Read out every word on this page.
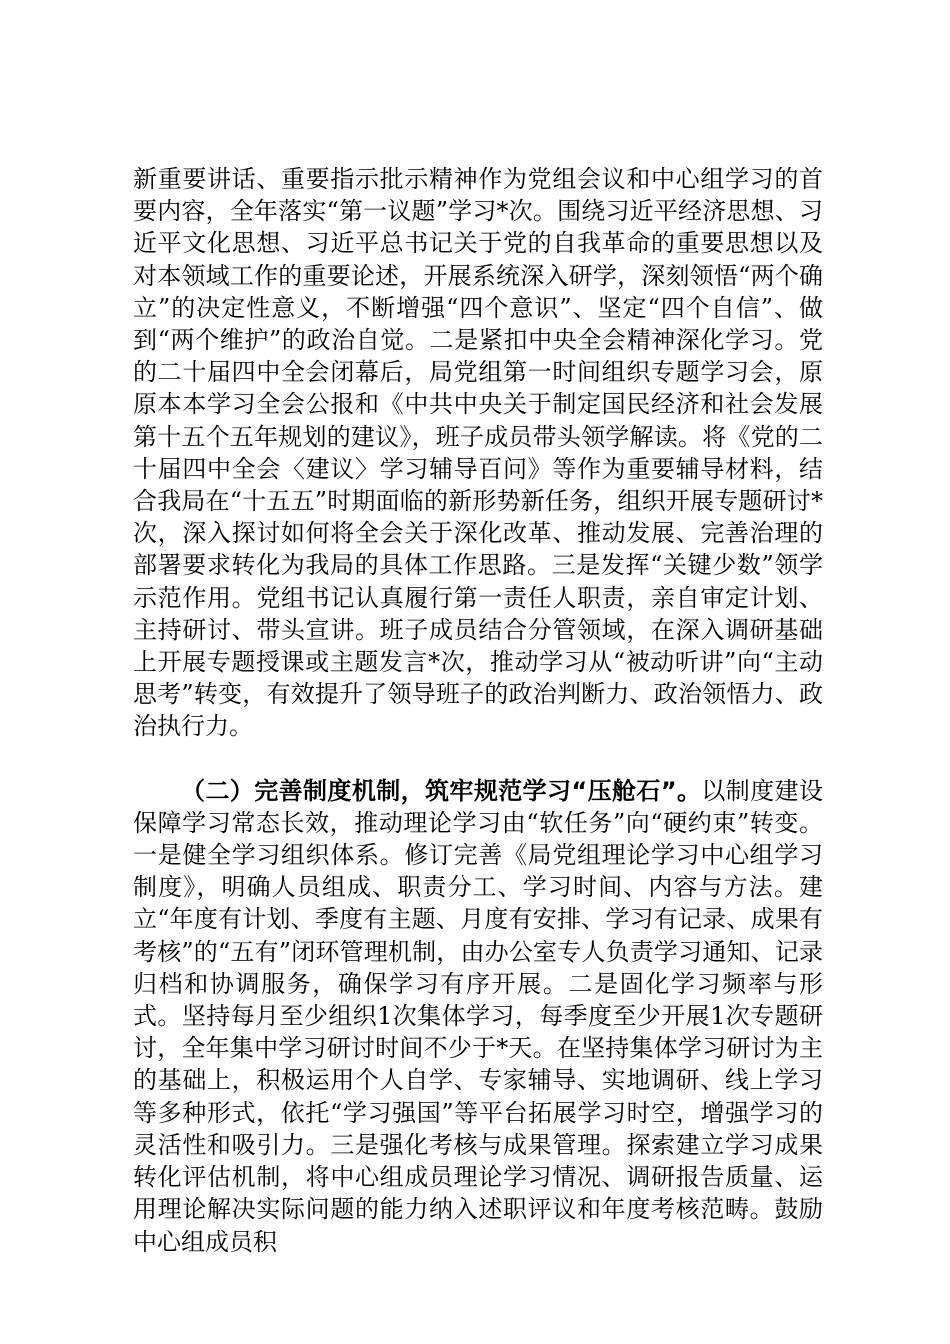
新重要讲话、重要指示批示精神作为党组会议和中心组学习的首要内容，全年落实“第一议题”学习*次。围绕习近平经济思想、习近平文化思想、习近平总书记关于党的自我革命的重要思想以及对本领域工作的重要论述，开展系统深入研学，深刻领悟“两个确立”的决定性意义，不断增强“四个意识”、坚定“四个自信”、做到“两个维护”的政治自觉。二是紧扣中央全会精神深化学习。党的二十届四中全会闭幕后，局党组第一时间组织专题学习会，原原本本学习全会公报和《中共中央关于制定国民经济和社会发展第十五个五年规划的建议》，班子成员带头领学解读。将《党的二十届四中全会〈建议〉学习辅导百问》等作为重要辅导材料，结合我局在“十五五”时期面临的新形势新任务，组织开展专题研讨*次，深入探讨如何将全会关于深化改革、推动发展、完善治理的部署要求转化为我局的具体工作思路。三是发挥“关键少数”领学示范作用。党组书记认真履行第一责任人职责，亲自审定计划、主持研讨、带头宣讲。班子成员结合分管领域，在深入调研基础上开展专题授课或主题发言*次，推动学习从“被动听讲”向“主动思考”转变，有效提升了领导班子的政治判断力、政治领悟力、政治执行力。

（二）完善制度机制，筑牢规范学习“压舱石”。以制度建设保障学习常态长效，推动理论学习由“软任务”向“硬约束”转变。一是健全学习组织体系。修订完善《局党组理论学习中心组学习制度》，明确人员组成、职责分工、学习时间、内容与方法。建立“年度有计划、季度有主题、月度有安排、学习有记录、成果有考核”的“五有”闭环管理机制，由办公室专人负责学习通知、记录归档和协调服务，确保学习有序开展。二是固化学习频率与形式。坚持每月至少组织1次集体学习，每季度至少开展1次专题研讨，全年集中学习研讨时间不少于*天。在坚持集体学习研讨为主的基础上，积极运用个人自学、专家辅导、实地调研、线上学习等多种形式，依托“学习强国”等平台拓展学习时空，增强学习的灵活性和吸引力。三是强化考核与成果管理。探索建立学习成果转化评估机制，将中心组成员理论学习情况、调研报告质量、运用理论解决实际问题的能力纳入述职评议和年度考核范畴。鼓励中心组成员积
